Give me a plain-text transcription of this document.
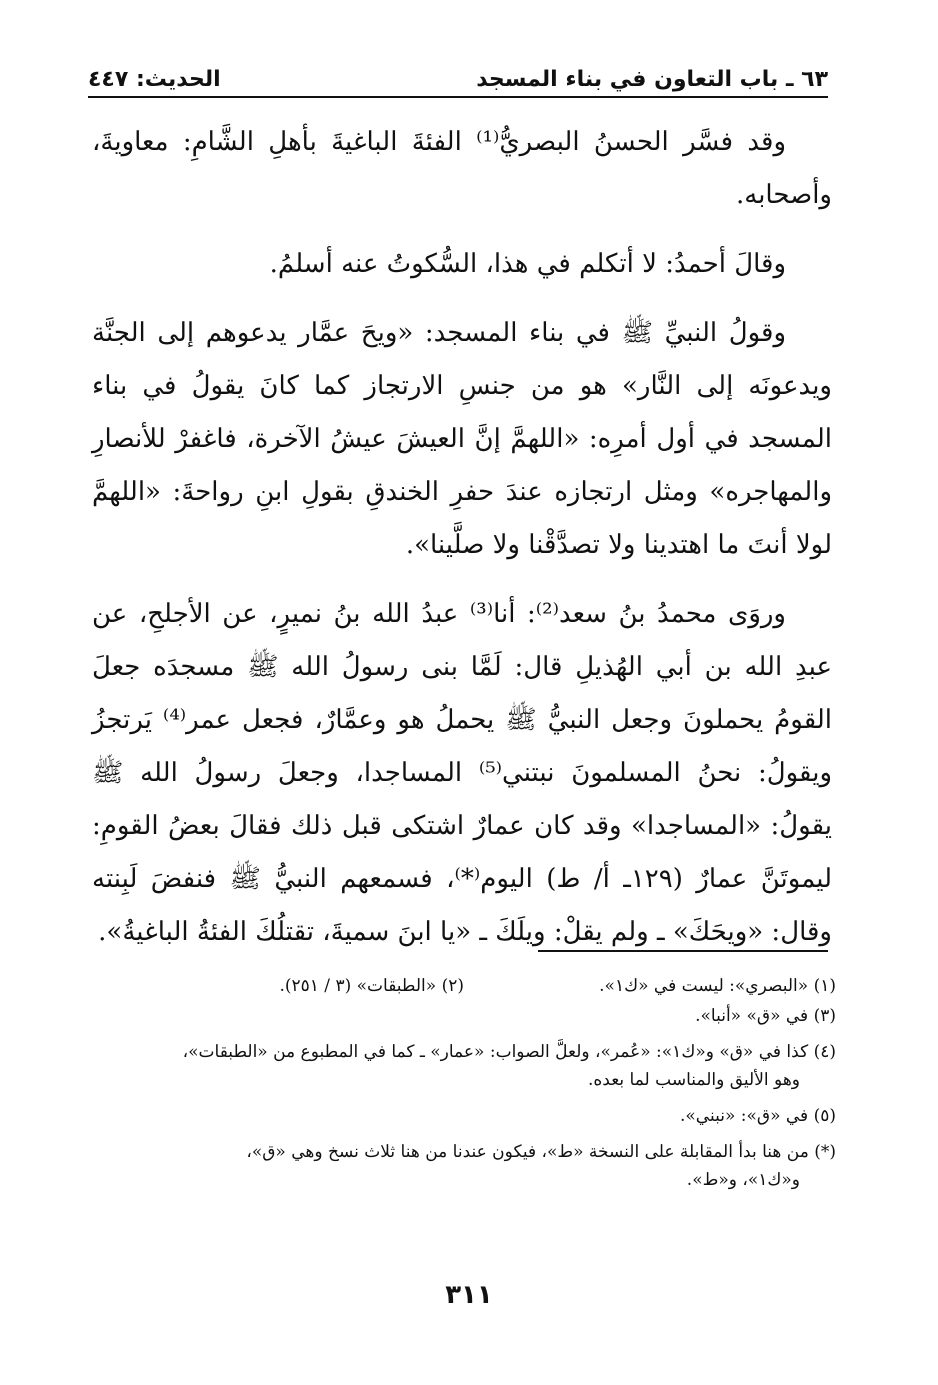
٦٣ ـ باب التعاون في بناء المسجد
الحديث: ٤٤٧

وقد فسَّر الحسنُ البصريُّ⁽¹⁾ الفئةَ الباغيةَ بأهلِ الشَّامِ: معاويةَ، وأصحابه.

وقالَ أحمدُ: لا أتكلم في هذا، السُّكوتُ عنه أسلمُ.

وقولُ النبيِّ ﷺ في بناء المسجد: «ويحَ عمَّار يدعوهم إلى الجنَّة ويدعونَه إلى النَّار» هو من جنسِ الارتجاز كما كانَ يقولُ في بناء المسجد في أول أمرِه: «اللهمَّ إنَّ العيشَ عيشُ الآخرة، فاغفرْ للأنصارِ والمهاجره» ومثل ارتجازه عندَ حفرِ الخندقِ بقولِ ابنِ رواحةَ: «اللهمَّ لولا أنتَ ما اهتدينا ولا تصدَّقْنا ولا صلَّينا».

وروَى محمدُ بنُ سعد⁽²⁾: أنا⁽³⁾ عبدُ الله بنُ نميرٍ، عن الأجلحِ، عن عبدِ الله بن أبي الهُذيلِ قال: لَمَّا بنى رسولُ الله ﷺ مسجدَه جعلَ القومُ يحملونَ وجعل النبيُّ ﷺ يحملُ هو وعمَّارٌ، فجعل عمر⁽⁴⁾ يَرتجزُ ويقولُ: نحنُ المسلمونَ نبتني⁽⁵⁾ المساجدا، وجعلَ رسولُ الله ﷺ يقولُ: «المساجدا» وقد كان عمارٌ اشتكى قبل ذلك فقالَ بعضُ القومِ: ليموتَنَّ عمارٌ (١٢٩ـ أ/ ط) اليوم⁽*⁾، فسمعهم النبيُّ ﷺ فنفضَ لَبِنته وقال: «ويحَكَ» ـ ولم يقلْ: ويلَكَ ـ «يا ابنَ سميةَ، تقتلُكَ الفئةُ الباغيةُ».

(١) «البصري»: ليست في «ك١».
(٢) «الطبقات» (٣ / ٢٥١).
(٣) في «ق» «أنبا».
(٤) كذا في «ق» و«ك١»: «عُمر»، ولعلَّ الصواب: «عمار» ـ كما في المطبوع من «الطبقات»،
وهو الأليق والمناسب لما بعده.
(٥) في «ق»: «نبني».
(*) من هنا بدأ المقابلة على النسخة «ط»، فيكون عندنا من هنا ثلاث نسخ وهي «ق»،
و«ك١»، و«ط».
٣١١
